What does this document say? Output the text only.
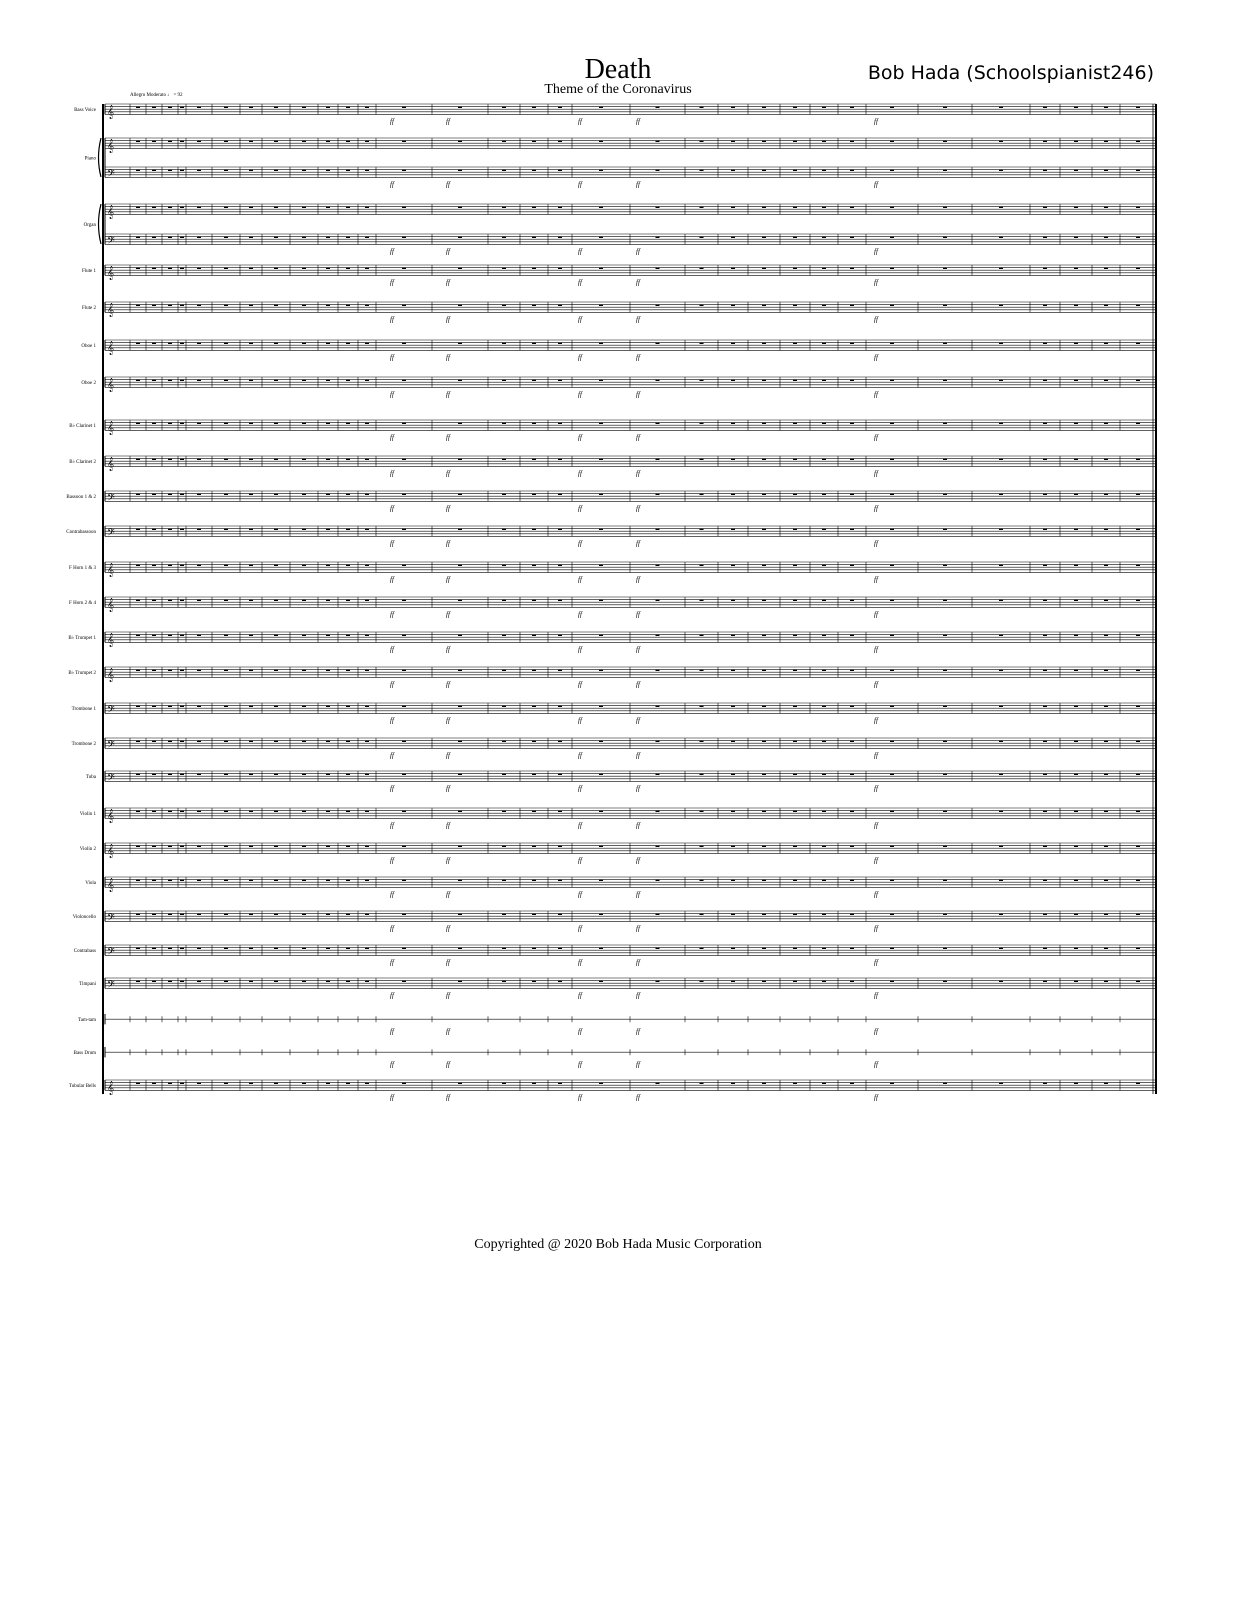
Death
Theme of the Coronavirus
Bob Hada (Schoolspianist246)
Allegro Moderato ♩ = 92
Bass Voice 𝄞
ff	ff	ff	ff	ff
Piano
𝄞
𝄢
ff	ff	ff	ff	ff
Organ
𝄞
𝄢
ff	ff	ff	ff	ff
Flute 1 𝄞
ff	ff	ff	ff	ff
Flute 2 𝄞
ff	ff	ff	ff	ff
Oboe 1 𝄞
ff	ff	ff	ff	ff
Oboe 2 𝄞
ff	ff	ff	ff	ff
B♭ Clarinet 1 𝄞
ff	ff	ff	ff	ff
B♭ Clarinet 2 𝄞
ff	ff	ff	ff	ff
Bassoon 1 & 2 𝄢
ff	ff	ff	ff	ff
Contrabassoon 𝄢
ff	ff	ff	ff	ff
F Horn 1 & 3 𝄞
ff	ff	ff	ff	ff
F Horn 2 & 4 𝄞
ff	ff	ff	ff	ff
B♭ Trumpet 1 𝄞
ff	ff	ff	ff	ff
B♭ Trumpet 2 𝄞
ff	ff	ff	ff	ff
Trombone 1 𝄢
ff	ff	ff	ff	ff
Trombone 2 𝄢
ff	ff	ff	ff	ff
Tuba 𝄢
ff	ff	ff	ff	ff
Violin 1 𝄞
ff	ff	ff	ff	ff
Violin 2 𝄞
ff	ff	ff	ff	ff
Viola 𝄞
ff	ff	ff	ff	ff
Violoncello 𝄢
ff	ff	ff	ff	ff
Contrabass 𝄢
ff	ff	ff	ff	ff
Timpani 𝄢
ff	ff	ff	ff	ff
Tam-tam
ff	ff	ff	ff	ff
Bass Drum
ff	ff	ff	ff	ff
Tubular Bells 𝄞
ff	ff	ff	ff	ff
Copyrighted @ 2020 Bob Hada Music Corporation
